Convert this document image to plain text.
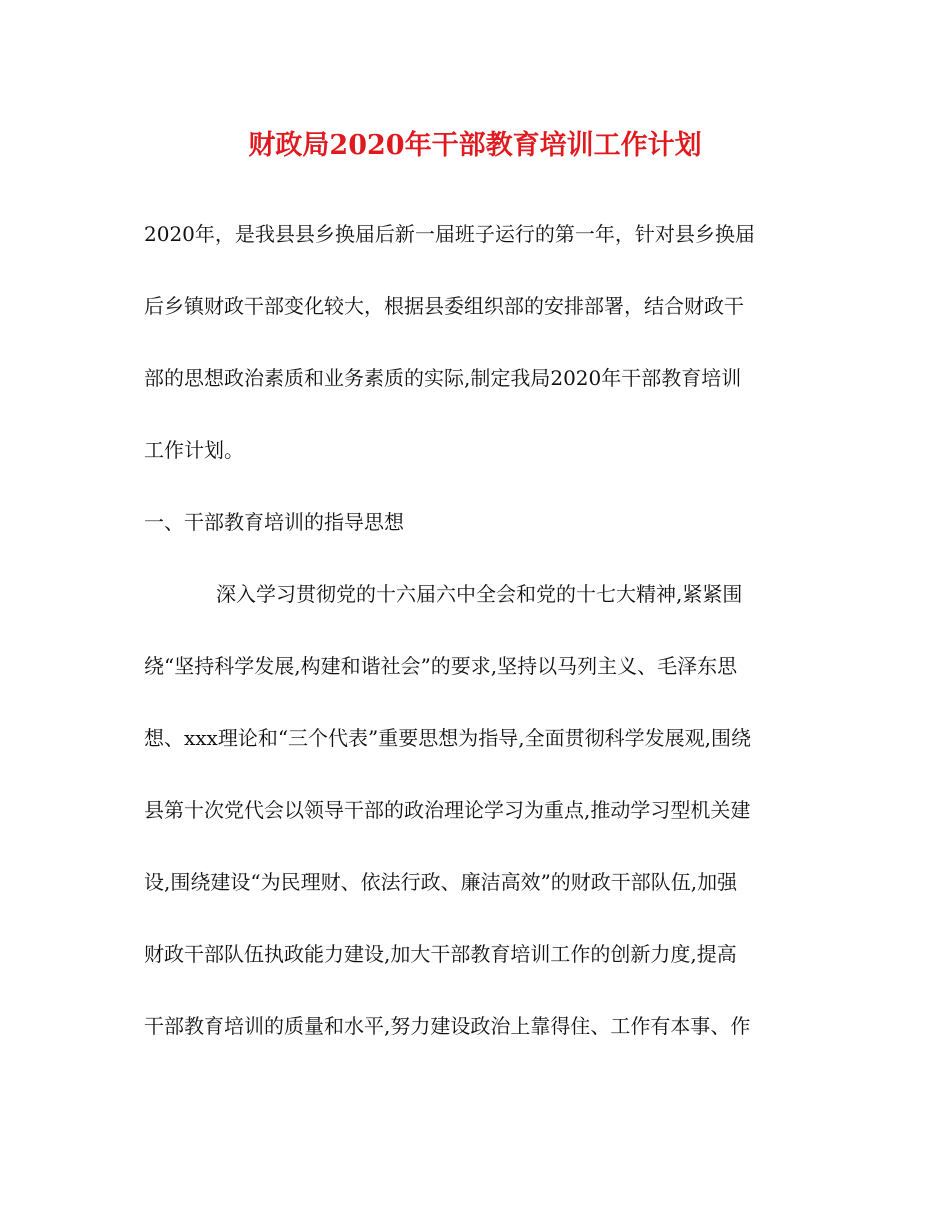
财政局2020年干部教育培训工作计划
2020年，是我县县乡换届后新一届班子运行的第一年，针对县乡换届
后乡镇财政干部变化较大，根据县委组织部的安排部署，结合财政干
部的思想政治素质和业务素质的实际,制定我局2020年干部教育培训
工作计划。
一、干部教育培训的指导思想
深入学习贯彻党的十六届六中全会和党的十七大精神,紧紧围
绕“坚持科学发展,构建和谐社会”的要求,坚持以马列主义、毛泽东思
想、xxx理论和“三个代表”重要思想为指导,全面贯彻科学发展观,围绕
县第十次党代会以领导干部的政治理论学习为重点,推动学习型机关建
设,围绕建设“为民理财、依法行政、廉洁高效”的财政干部队伍,加强
财政干部队伍执政能力建设,加大干部教育培训工作的创新力度,提高
干部教育培训的质量和水平,努力建设政治上靠得住、工作有本事、作
